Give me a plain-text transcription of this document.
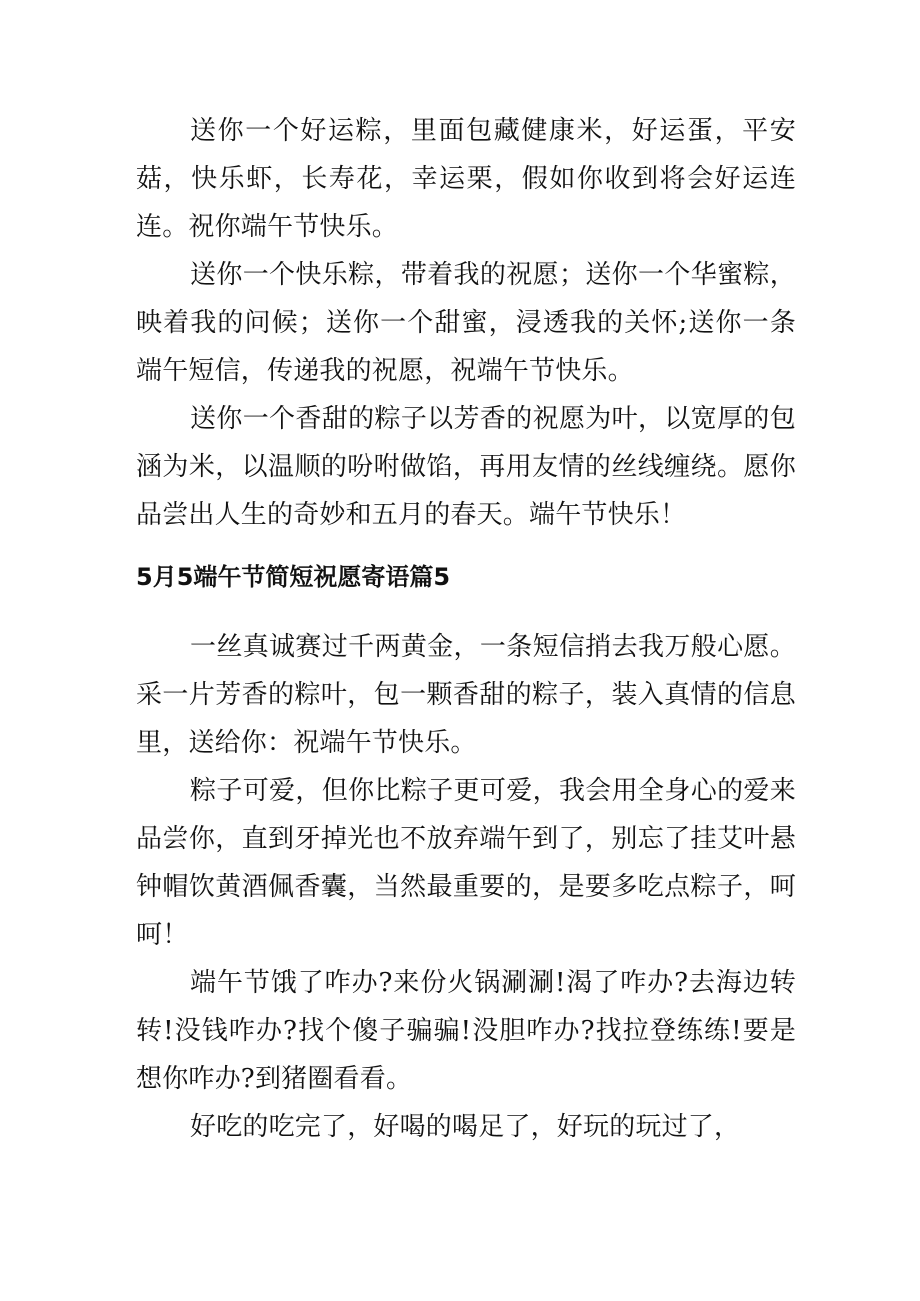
送你一个好运粽，里面包藏健康米，好运蛋，平安菇，快乐虾，长寿花，幸运栗，假如你收到将会好运连连。祝你端午节快乐。

送你一个快乐粽，带着我的祝愿；送你一个华蜜粽，映着我的问候；送你一个甜蜜，浸透我的关怀;送你一条端午短信，传递我的祝愿，祝端午节快乐。

送你一个香甜的粽子以芳香的祝愿为叶，以宽厚的包涵为米，以温顺的吩咐做馅，再用友情的丝线缠绕。愿你品尝出人生的奇妙和五月的春天。端午节快乐！

5月5端午节简短祝愿寄语篇5

一丝真诚赛过千两黄金，一条短信捎去我万般心愿。采一片芳香的粽叶，包一颗香甜的粽子，装入真情的信息里，送给你：祝端午节快乐。

粽子可爱，但你比粽子更可爱，我会用全身心的爱来品尝你，直到牙掉光也不放弃端午到了，别忘了挂艾叶悬钟帽饮黄酒佩香囊，当然最重要的，是要多吃点粽子，呵呵！

端午节饿了咋办?来份火锅涮涮!渴了咋办?去海边转转!没钱咋办?找个傻子骗骗!没胆咋办?找拉登练练!要是想你咋办?到猪圈看看。

好吃的吃完了，好喝的喝足了，好玩的玩过了，
